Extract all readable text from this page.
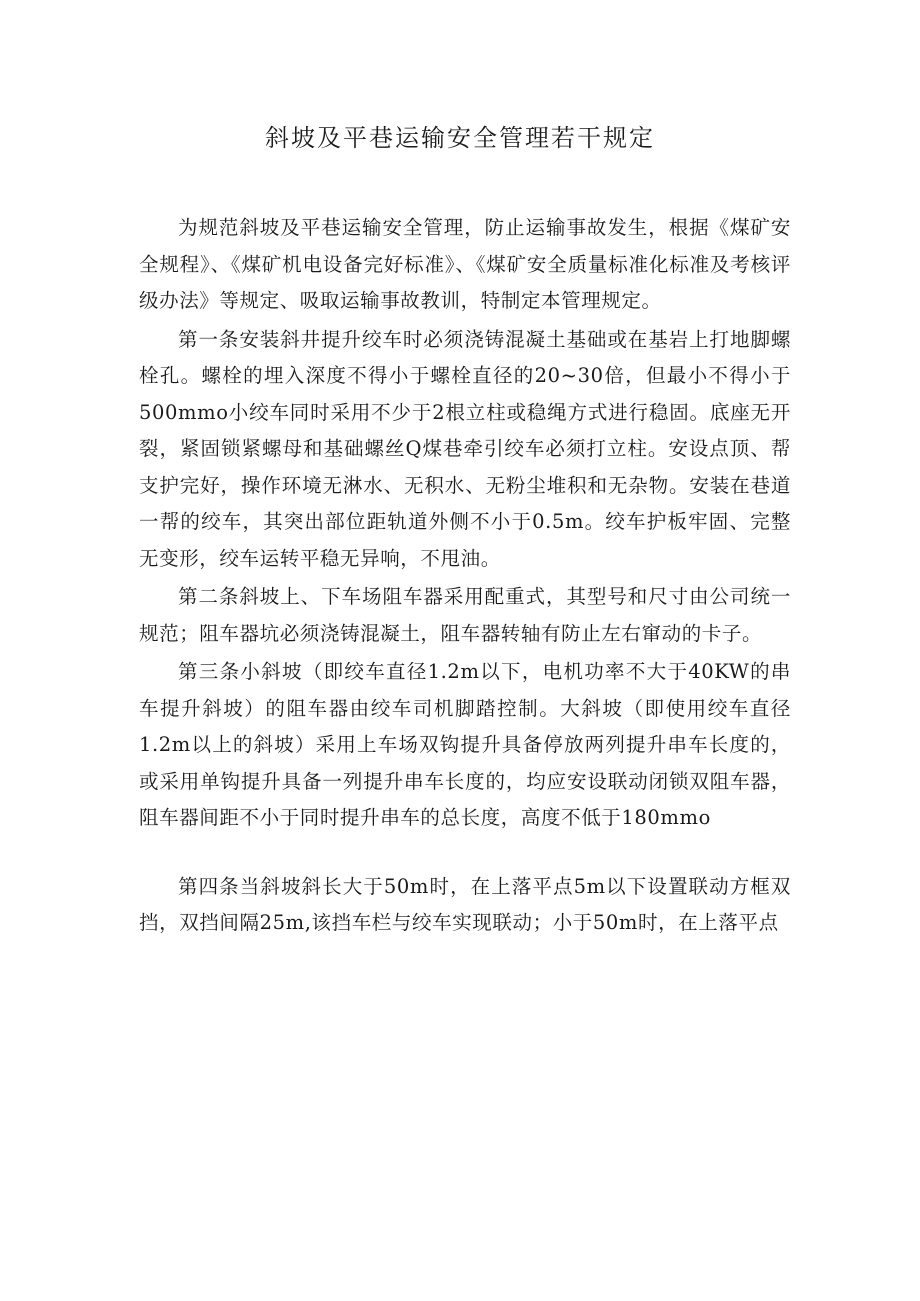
斜坡及平巷运输安全管理若干规定

为规范斜坡及平巷运输安全管理，防止运输事故发生，根据《煤矿安全规程》、《煤矿机电设备完好标准》、《煤矿安全质量标准化标准及考核评级办法》等规定、吸取运输事故教训，特制定本管理规定。

第一条安装斜井提升绞车时必须浇铸混凝土基础或在基岩上打地脚螺栓孔。螺栓的埋入深度不得小于螺栓直径的20~30倍，但最小不得小于500mmo小绞车同时采用不少于2根立柱或稳绳方式进行稳固。底座无开裂，紧固锁紧螺母和基础螺丝Q煤巷牵引绞车必须打立柱。安设点顶、帮支护完好，操作环境无淋水、无积水、无粉尘堆积和无杂物。安装在巷道一帮的绞车，其突出部位距轨道外侧不小于0.5m。绞车护板牢固、完整无变形，绞车运转平稳无异响，不甩油。

第二条斜坡上、下车场阻车器采用配重式，其型号和尺寸由公司统一规范；阻车器坑必须浇铸混凝土，阻车器转轴有防止左右窜动的卡子。

第三条小斜坡（即绞车直径1.2m以下，电机功率不大于40KW的串车提升斜坡）的阻车器由绞车司机脚踏控制。大斜坡（即使用绞车直径1.2m以上的斜坡）采用上车场双钩提升具备停放两列提升串车长度的，或采用单钩提升具备一列提升串车长度的，均应安设联动闭锁双阻车器，阻车器间距不小于同时提升串车的总长度，高度不低于180mmo

第四条当斜坡斜长大于50m时，在上落平点5m以下设置联动方框双挡，双挡间隔25m,该挡车栏与绞车实现联动；小于50m时，在上落平点
